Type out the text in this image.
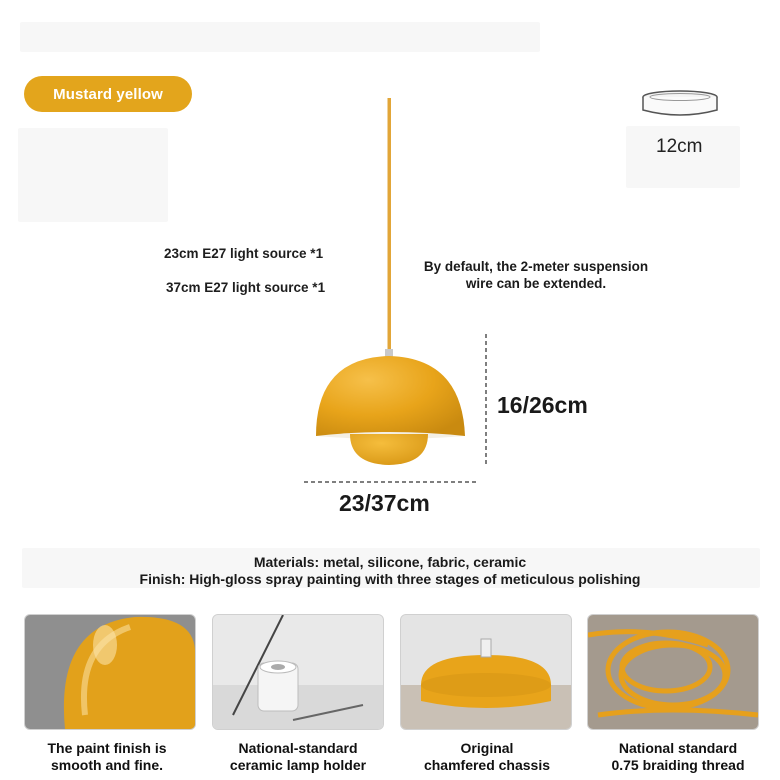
Mustard yellow
12cm
23cm E27 light source *1
37cm E27 light source *1
By default, the 2-meter suspension
wire can be extended.
16/26cm
23/37cm
Materials: metal, silicone, fabric, ceramic
Finish: High-gloss spray painting with three stages of meticulous polishing
The paint finish is
smooth and fine.
National-standard
ceramic lamp holder
Original
chamfered chassis
National standard
0.75 braiding thread
